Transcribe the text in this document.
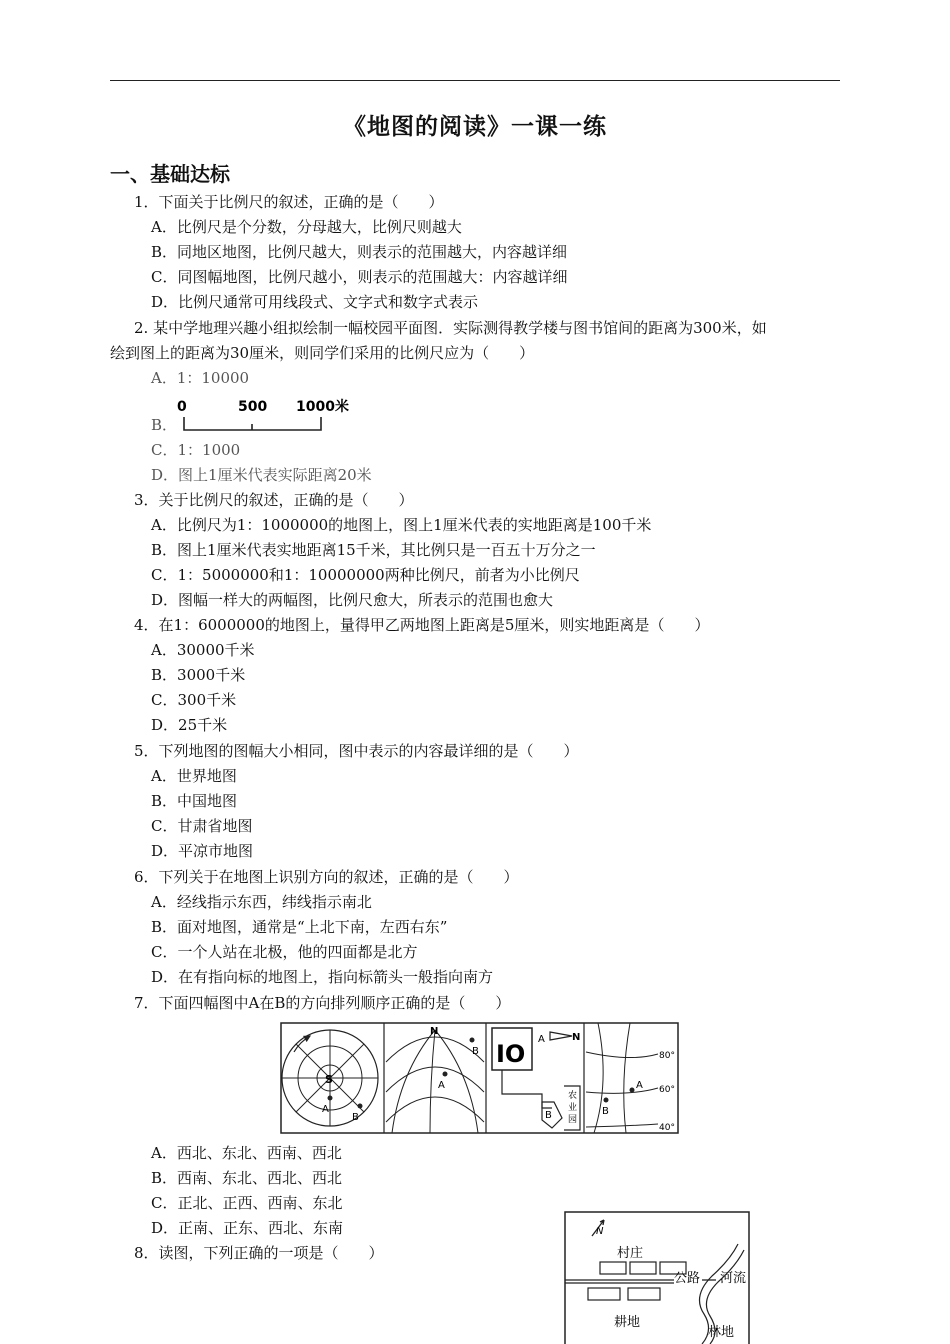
《地图的阅读》一课一练
一、基础达标
1．下面关于比例尺的叙述，正确的是（　　）
A．比例尺是个分数，分母越大，比例尺则越大
B．同地区地图，比例尺越大，则表示的范围越大，内容越详细
C．同图幅地图，比例尺越小，则表示的范围越大：内容越详细
D．比例尺通常可用线段式、文字式和数字式表示
2. 某中学地理兴趣小组拟绘制一幅校园平面图．实际测得教学楼与图书馆间的距离为300米，如
绘到图上的距离为30厘米，则同学们采用的比例尺应为（　　）
A．1：10000
B．
0	500 1000米
C．1：1000
D．图上1厘米代表实际距离20米
3．关于比例尺的叙述，正确的是（　　）
A．比例尺为1：1000000的地图上，图上1厘米代表的实地距离是100千米
B．图上1厘米代表实地距离15千米，其比例只是一百五十万分之一
C．1：5000000和1：10000000两种比例尺，前者为小比例尺
D．图幅一样大的两幅图，比例尺愈大，所表示的范围也愈大
4．在1：6000000的地图上，量得甲乙两地图上距离是5厘米，则实地距离是（　　）
A．30000千米
B．3000千米
C．300千米
D．25千米
5．下列地图的图幅大小相同，图中表示的内容最详细的是（　　）
A．世界地图
B．中国地图
C．甘肃省地图
D．平凉市地图
6．下列关于在地图上识别方向的叙述，正确的是（　　）
A．经线指示东西，纬线指示南北
B．面对地图，通常是“上北下南，左西右东”
C．一个人站在北极，他的四面都是北方
D．在有指向标的地图上，指向标箭头一般指向南方
7．下面四幅图中A在B的方向排列顺序正确的是（　　）
S
A
B
N
A
B IO
A	N
B
农
业
园
80°
60°
40°
A
B
A．西北、东北、西南、西北
B．西南、东北、西北、西北
C．正北、正西、西南、东北
D．正南、正东、西北、东南
8．读图，下列正确的一项是（　　）
N
村庄
公路 河流
耕地
林地
